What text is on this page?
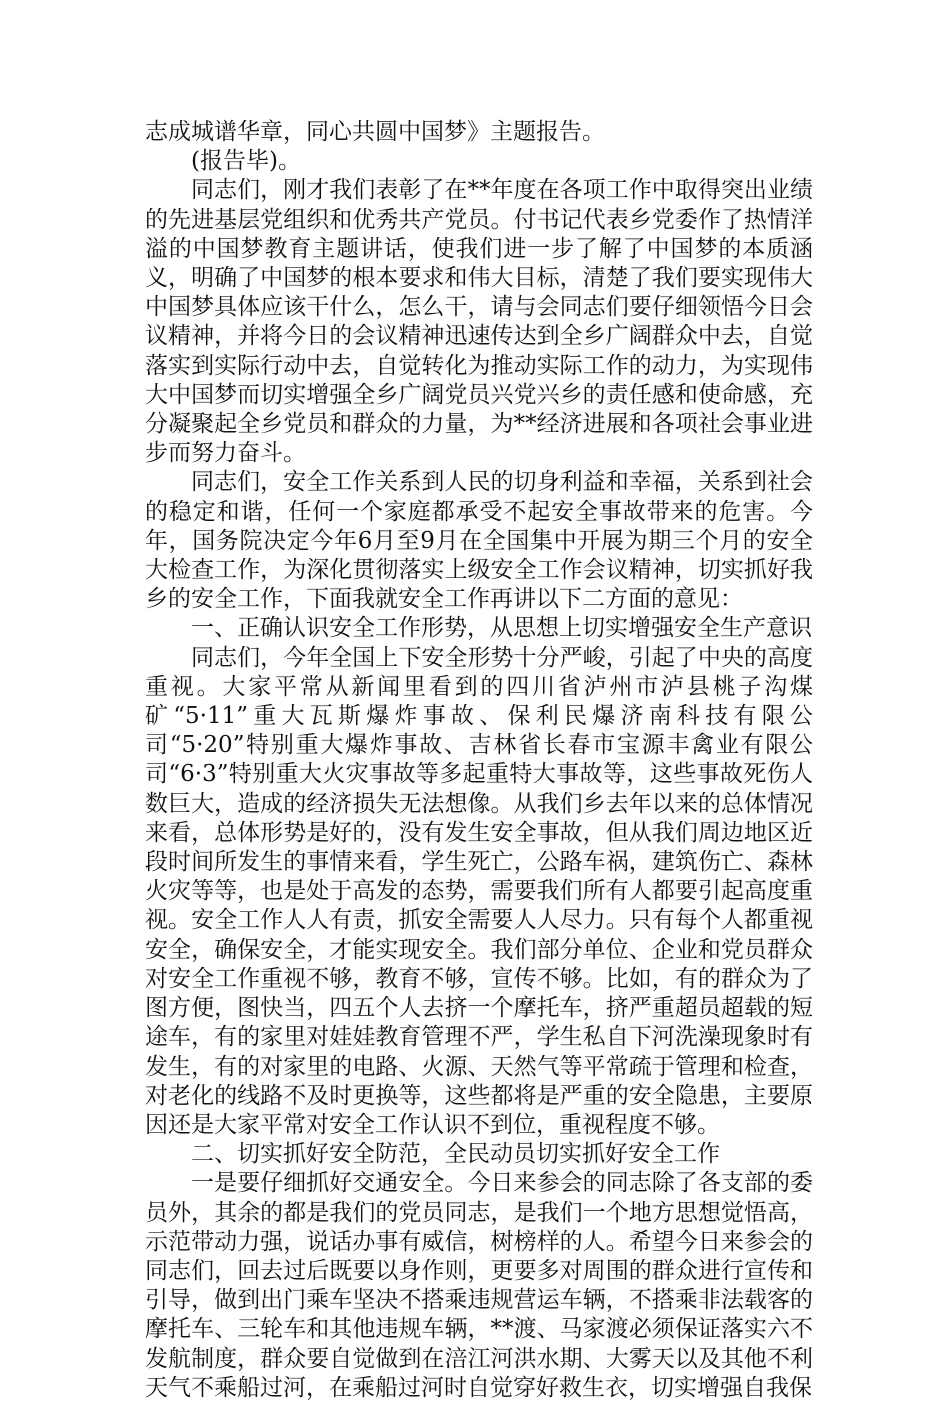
志成城谱华章，同心共圆中国梦》主题报告。

(报告毕)。

同志们，刚才我们表彰了在**年度在各项工作中取得突出业绩的先进基层党组织和优秀共产党员。付书记代表乡党委作了热情洋溢的中国梦教育主题讲话，使我们进一步了解了中国梦的本质涵义，明确了中国梦的根本要求和伟大目标，清楚了我们要实现伟大中国梦具体应该干什么，怎么干，请与会同志们要仔细领悟今日会议精神，并将今日的会议精神迅速传达到全乡广阔群众中去，自觉落实到实际行动中去，自觉转化为推动实际工作的动力，为实现伟大中国梦而切实增强全乡广阔党员兴党兴乡的责任感和使命感，充分凝聚起全乡党员和群众的力量，为**经济进展和各项社会事业进步而努力奋斗。

同志们，安全工作关系到人民的切身利益和幸福，关系到社会的稳定和谐，任何一个家庭都承受不起安全事故带来的危害。今年，国务院决定今年6月至9月在全国集中开展为期三个月的安全大检查工作，为深化贯彻落实上级安全工作会议精神，切实抓好我乡的安全工作，下面我就安全工作再讲以下二方面的意见：

一、正确认识安全工作形势，从思想上切实增强安全生产意识

同志们，今年全国上下安全形势十分严峻，引起了中央的高度重视。大家平常从新闻里看到的四川省泸州市泸县桃子沟煤矿“5·11”重大瓦斯爆炸事故、保利民爆济南科技有限公司“5·20”特别重大爆炸事故、吉林省长春市宝源丰禽业有限公司“6·3”特别重大火灾事故等多起重特大事故等，这些事故死伤人数巨大，造成的经济损失无法想像。从我们乡去年以来的总体情况来看，总体形势是好的，没有发生安全事故，但从我们周边地区近段时间所发生的事情来看，学生死亡，公路车祸，建筑伤亡、森林火灾等等，也是处于高发的态势，需要我们所有人都要引起高度重视。安全工作人人有责，抓安全需要人人尽力。只有每个人都重视安全，确保安全，才能实现安全。我们部分单位、企业和党员群众对安全工作重视不够，教育不够，宣传不够。比如，有的群众为了图方便，图快当，四五个人去挤一个摩托车，挤严重超员超载的短途车，有的家里对娃娃教育管理不严，学生私自下河洗澡现象时有发生，有的对家里的电路、火源、天然气等平常疏于管理和检查，对老化的线路不及时更换等，这些都将是严重的安全隐患，主要原因还是大家平常对安全工作认识不到位，重视程度不够。

二、切实抓好安全防范，全民动员切实抓好安全工作

一是要仔细抓好交通安全。今日来参会的同志除了各支部的委员外，其余的都是我们的党员同志，是我们一个地方思想觉悟高，示范带动力强，说话办事有威信，树榜样的人。希望今日来参会的同志们，回去过后既要以身作则，更要多对周围的群众进行宣传和引导，做到出门乘车坚决不搭乘违规营运车辆，不搭乘非法载客的摩托车、三轮车和其他违规车辆，**渡、马家渡必须保证落实六不发航制度，群众要自觉做到在涪江河洪水期、大雾天以及其他不利天气不乘船过河，在乘船过河时自觉穿好救生衣，切实增强自我保
